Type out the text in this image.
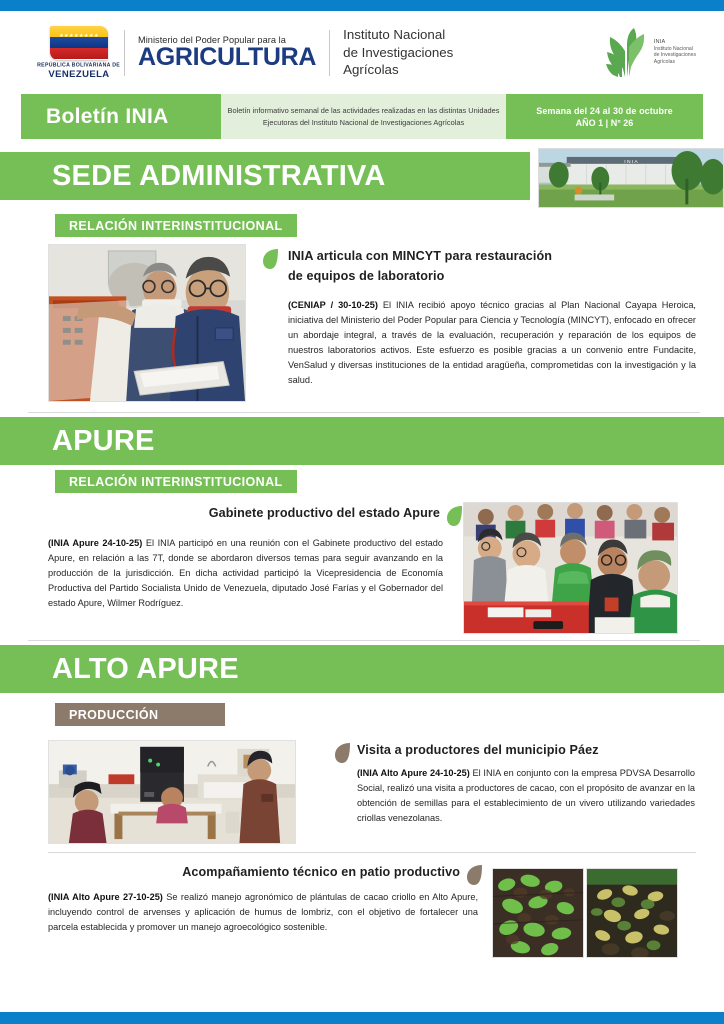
★★★★★★★★
REPÚBLICA BOLIVARIANA DE
VENEZUELA
Ministerio del Poder Popular para la
AGRICULTURA
Instituto Nacional
de Investigaciones
Agrícolas
INIA
Instituto Nacional
de Investigaciones
Agrícolas
Boletín INIA	Boletín informativo semanal de las actividades realizadas en las distintas Unidades Ejecutoras del Instituto Nacional de Investigaciones Agrícolas

Semana del 24 al 30 de octubre
AÑO 1 | N° 26
SEDE ADMINISTRATIVA	I N I A
RELACIÓN INTERINSTITUCIONAL
INIA articula con MINCYT para restauración
de equipos de laboratorio
(CENIAP / 30-10-25) El INIA recibió apoyo técnico gracias al Plan Nacional Cayapa Heroica, iniciativa del Ministerio del Poder Popular para Ciencia y Tecnología (MINCYT), enfocado en ofrecer un abordaje integral, a través de la evaluación, recuperación y reparación de los equipos de nuestros laboratorios activos. Este esfuerzo es posible gracias a un convenio entre Fundacite, VenSalud y diversas instituciones de la entidad aragüeña, comprometidas con la investigación y la salud.
APURE
RELACIÓN INTERINSTITUCIONAL
Gabinete productivo del estado Apure
(INIA Apure 24-10-25) El INIA participó en una reunión con el Gabinete productivo del estado Apure, en relación a las 7T, donde se abordaron diversos temas para seguir avanzando en la producción de la jurisdicción. En dicha actividad participó la Vicepresidencia de Economía Productiva del Partido Socialista Unido de Venezuela, diputado José Farías y el Gobernador del estado Apure, Wilmer Rodríguez.
ALTO APURE
PRODUCCIÓN
Visita a productores del municipio Páez
(INIA Alto Apure 24-10-25) El INIA en conjunto con la empresa PDVSA Desarrollo Social, realizó una visita a productores de cacao, con el propósito de avanzar en la obtención de semillas para el establecimiento de un vivero utilizando variedades criollas venezolanas.
Acompañamiento técnico en patio productivo
(INIA Alto Apure 27-10-25) Se realizó manejo agronómico de plántulas de cacao criollo en Alto Apure, incluyendo control de arvenses y aplicación de humus de lombriz, con el objetivo de fortalecer una parcela establecida y promover un manejo agroecológico sostenible.
